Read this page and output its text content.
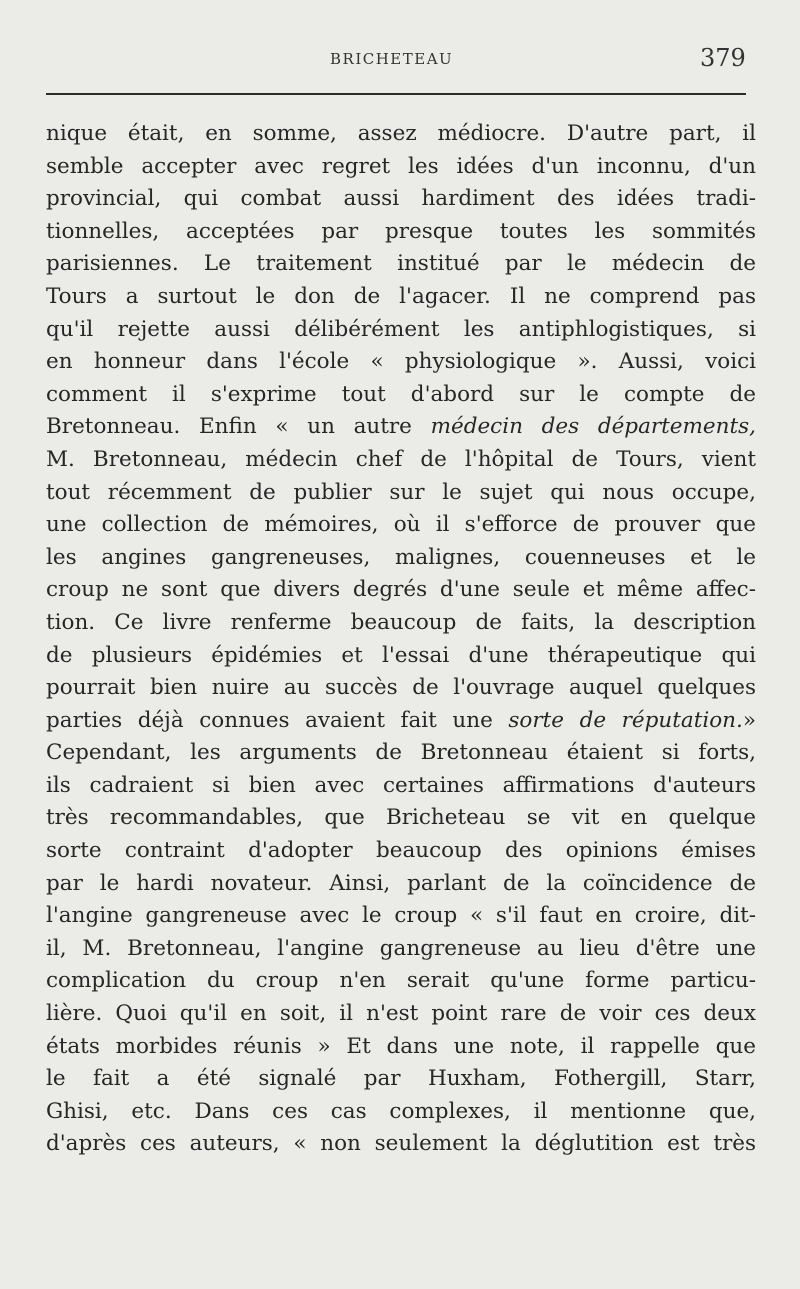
BRICHETEAU	379
nique était, en somme, assez médiocre. D'autre part, il
semble accepter avec regret les idées d'un inconnu, d'un
provincial, qui combat aussi hardiment des idées tradi-
tionnelles, acceptées par presque toutes les sommités
parisiennes. Le traitement institué par le médecin de
Tours a surtout le don de l'agacer. Il ne comprend pas
qu'il rejette aussi délibérément les antiphlogistiques, si
en honneur dans l'école « physiologique ». Aussi, voici
comment il s'exprime tout d'abord sur le compte de
Bretonneau. Enfin « un autre médecin des départements,
M. Bretonneau, médecin chef de l'hôpital de Tours, vient
tout récemment de publier sur le sujet qui nous occupe,
une collection de mémoires, où il s'efforce de prouver que
les angines gangreneuses, malignes, couenneuses et le
croup ne sont que divers degrés d'une seule et même affec-
tion. Ce livre renferme beaucoup de faits, la description
de plusieurs épidémies et l'essai d'une thérapeutique qui
pourrait bien nuire au succès de l'ouvrage auquel quelques
parties déjà connues avaient fait une sorte de réputation.»
Cependant, les arguments de Bretonneau étaient si forts,
ils cadraient si bien avec certaines affirmations d'auteurs
très recommandables, que Bricheteau se vit en quelque
sorte contraint d'adopter beaucoup des opinions émises
par le hardi novateur. Ainsi, parlant de la coïncidence de
l'angine gangreneuse avec le croup « s'il faut en croire, dit-
il, M. Bretonneau, l'angine gangreneuse au lieu d'être une
complication du croup n'en serait qu'une forme particu-
lière. Quoi qu'il en soit, il n'est point rare de voir ces deux
états morbides réunis » Et dans une note, il rappelle que
le fait a été signalé par Huxham, Fothergill, Starr,
Ghisi, etc. Dans ces cas complexes, il mentionne que,
d'après ces auteurs, « non seulement la déglutition est très
